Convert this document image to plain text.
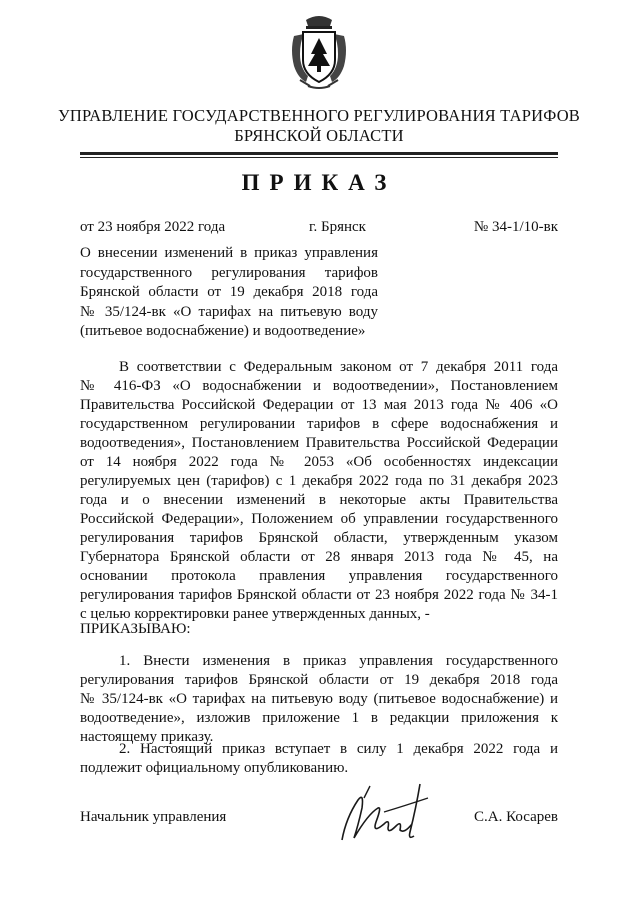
УПРАВЛЕНИЕ ГОСУДАРСТВЕННОГО РЕГУЛИРОВАНИЯ ТАРИФОВ
БРЯНСКОЙ ОБЛАСТИ
ПРИКАЗ
от 23 ноября 2022 года	г. Брянск	№ 34-1/10-вк
О внесении изменений в приказ управления
государственного регулирования тарифов
Брянской области от 19 декабря 2018 года
№ 35/124-вк «О тарифах на питьевую воду
(питьевое водоснабжение) и водоотведение»
В соответствии с Федеральным законом от 7 декабря 2011 года
№ 416-ФЗ «О водоснабжении и водоотведении», Постановлением
Правительства Российской Федерации от 13 мая 2013 года № 406 «О
государственном регулировании тарифов в сфере водоснабжения и
водоотведения», Постановлением Правительства Российской Федерации
от 14 ноября 2022 года № 2053 «Об особенностях индексации
регулируемых цен (тарифов) с 1 декабря 2022 года по 31 декабря 2023
года и о внесении изменений в некоторые акты Правительства
Российской Федерации», Положением об управлении государственного
регулирования тарифов Брянской области, утвержденным указом
Губернатора Брянской области от 28 января 2013 года № 45, на
основании протокола правления управления государственного
регулирования тарифов Брянской области от 23 ноября 2022 года № 34-1
с целью корректировки ранее утвержденных данных, -
ПРИКАЗЫВАЮ:
1. Внести изменения в приказ управления государственного
регулирования тарифов Брянской области от 19 декабря 2018 года
№ 35/124-вк «О тарифах на питьевую воду (питьевое водоснабжение) и
водоотведение», изложив приложение 1 в редакции приложения к
настоящему приказу.
2. Настоящий приказ вступает в силу 1 декабря 2022 года и
подлежит официальному опубликованию.
Начальник управления	С.А. Косарев
